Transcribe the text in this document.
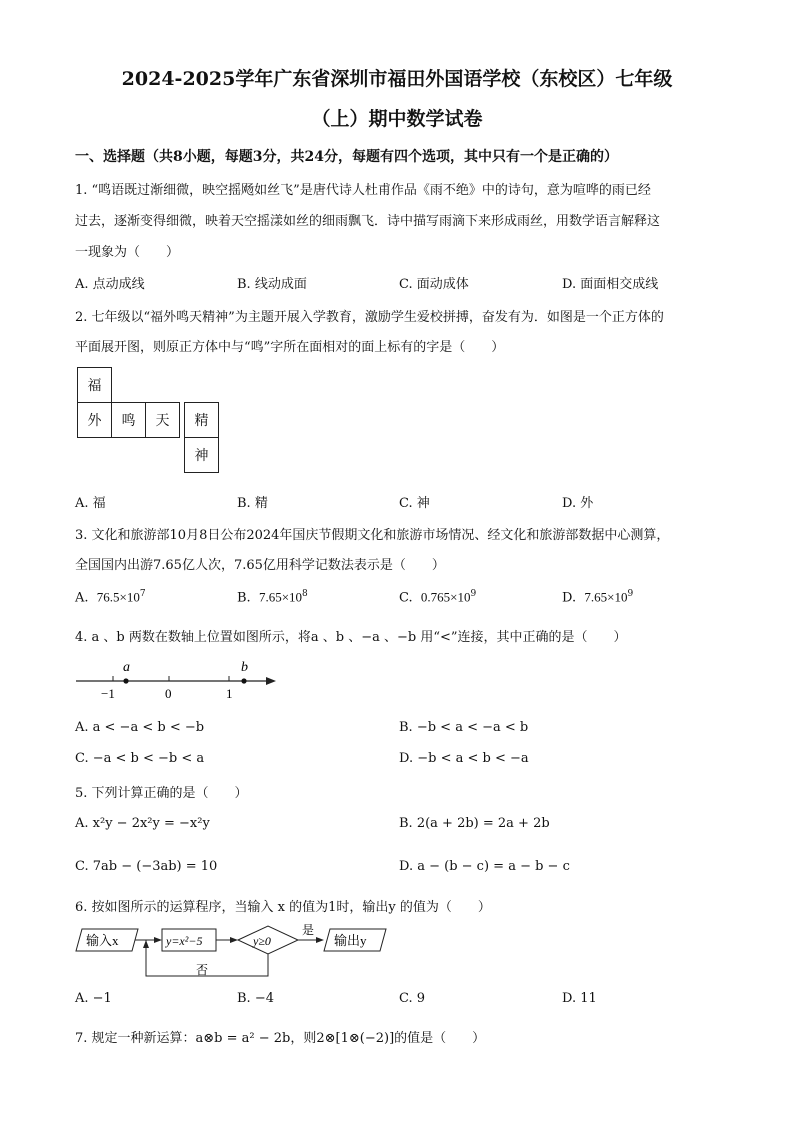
2024-2025学年广东省深圳市福田外国语学校（东校区）七年级
（上）期中数学试卷
一、选择题（共8小题，每题3分，共24分，每题有四个选项，其中只有一个是正确的）
1. “鸣语既过渐细微，映空摇飏如丝飞”是唐代诗人杜甫作品《雨不绝》中的诗句，意为喧哗的雨已经
过去，逐渐变得细微，映着天空摇漾如丝的细雨飘飞．诗中描写雨滴下来形成雨丝，用数学语言解释这
一现象为（　　）
A. 点动成线	B. 线动成面	C. 面动成体	D. 面面相交成线
2. 七年级以“福外鸣天精神”为主题开展入学教育，激励学生爱校拼搏，奋发有为．如图是一个正方体的
平面展开图，则原正方体中与“鸣”字所在面相对的面上标有的字是（　　）
福
外	鸣	天	精
神
A. 福	B. 精	C. 神	D. 外
3. 文化和旅游部10月8日公布2024年国庆节假期文化和旅游市场情况、经文化和旅游部数据中心测算，
全国国内出游7.65亿人次，7.65亿用科学记数法表示是（　　）
A. $76.5\times 10^7$	B. $7.65\times 10^8$	C. $0.765\times 10^9$	D. $7.65\times 10^9$
4. a 、b 两数在数轴上位置如图所示，将a 、b 、−a 、−b 用“<”连接，其中正确的是（　　）
a	b
−1	0	1
A. a < −a < b < −b	B. −b < a < −a < b
C. −a < b < −b < a	D. −b < a < b < −a
5. 下列计算正确的是（　　）
A. x²y − 2x²y = −x²y	B. 2(a + 2b) = 2a + 2b
C. 7ab − (−3ab) = 10	D. a − (b − c) = a − b − c
6. 按如图所示的运算程序，当输入 x 的值为1时，输出y 的值为（　　）
输入x	y=x²−5	y≥0
是
输出y
否
A. −1	B. −4	C. 9	D. 11
7. 规定一种新运算：a⊗b = a² − 2b，则2⊗[1⊗(−2)]的值是（　　）
